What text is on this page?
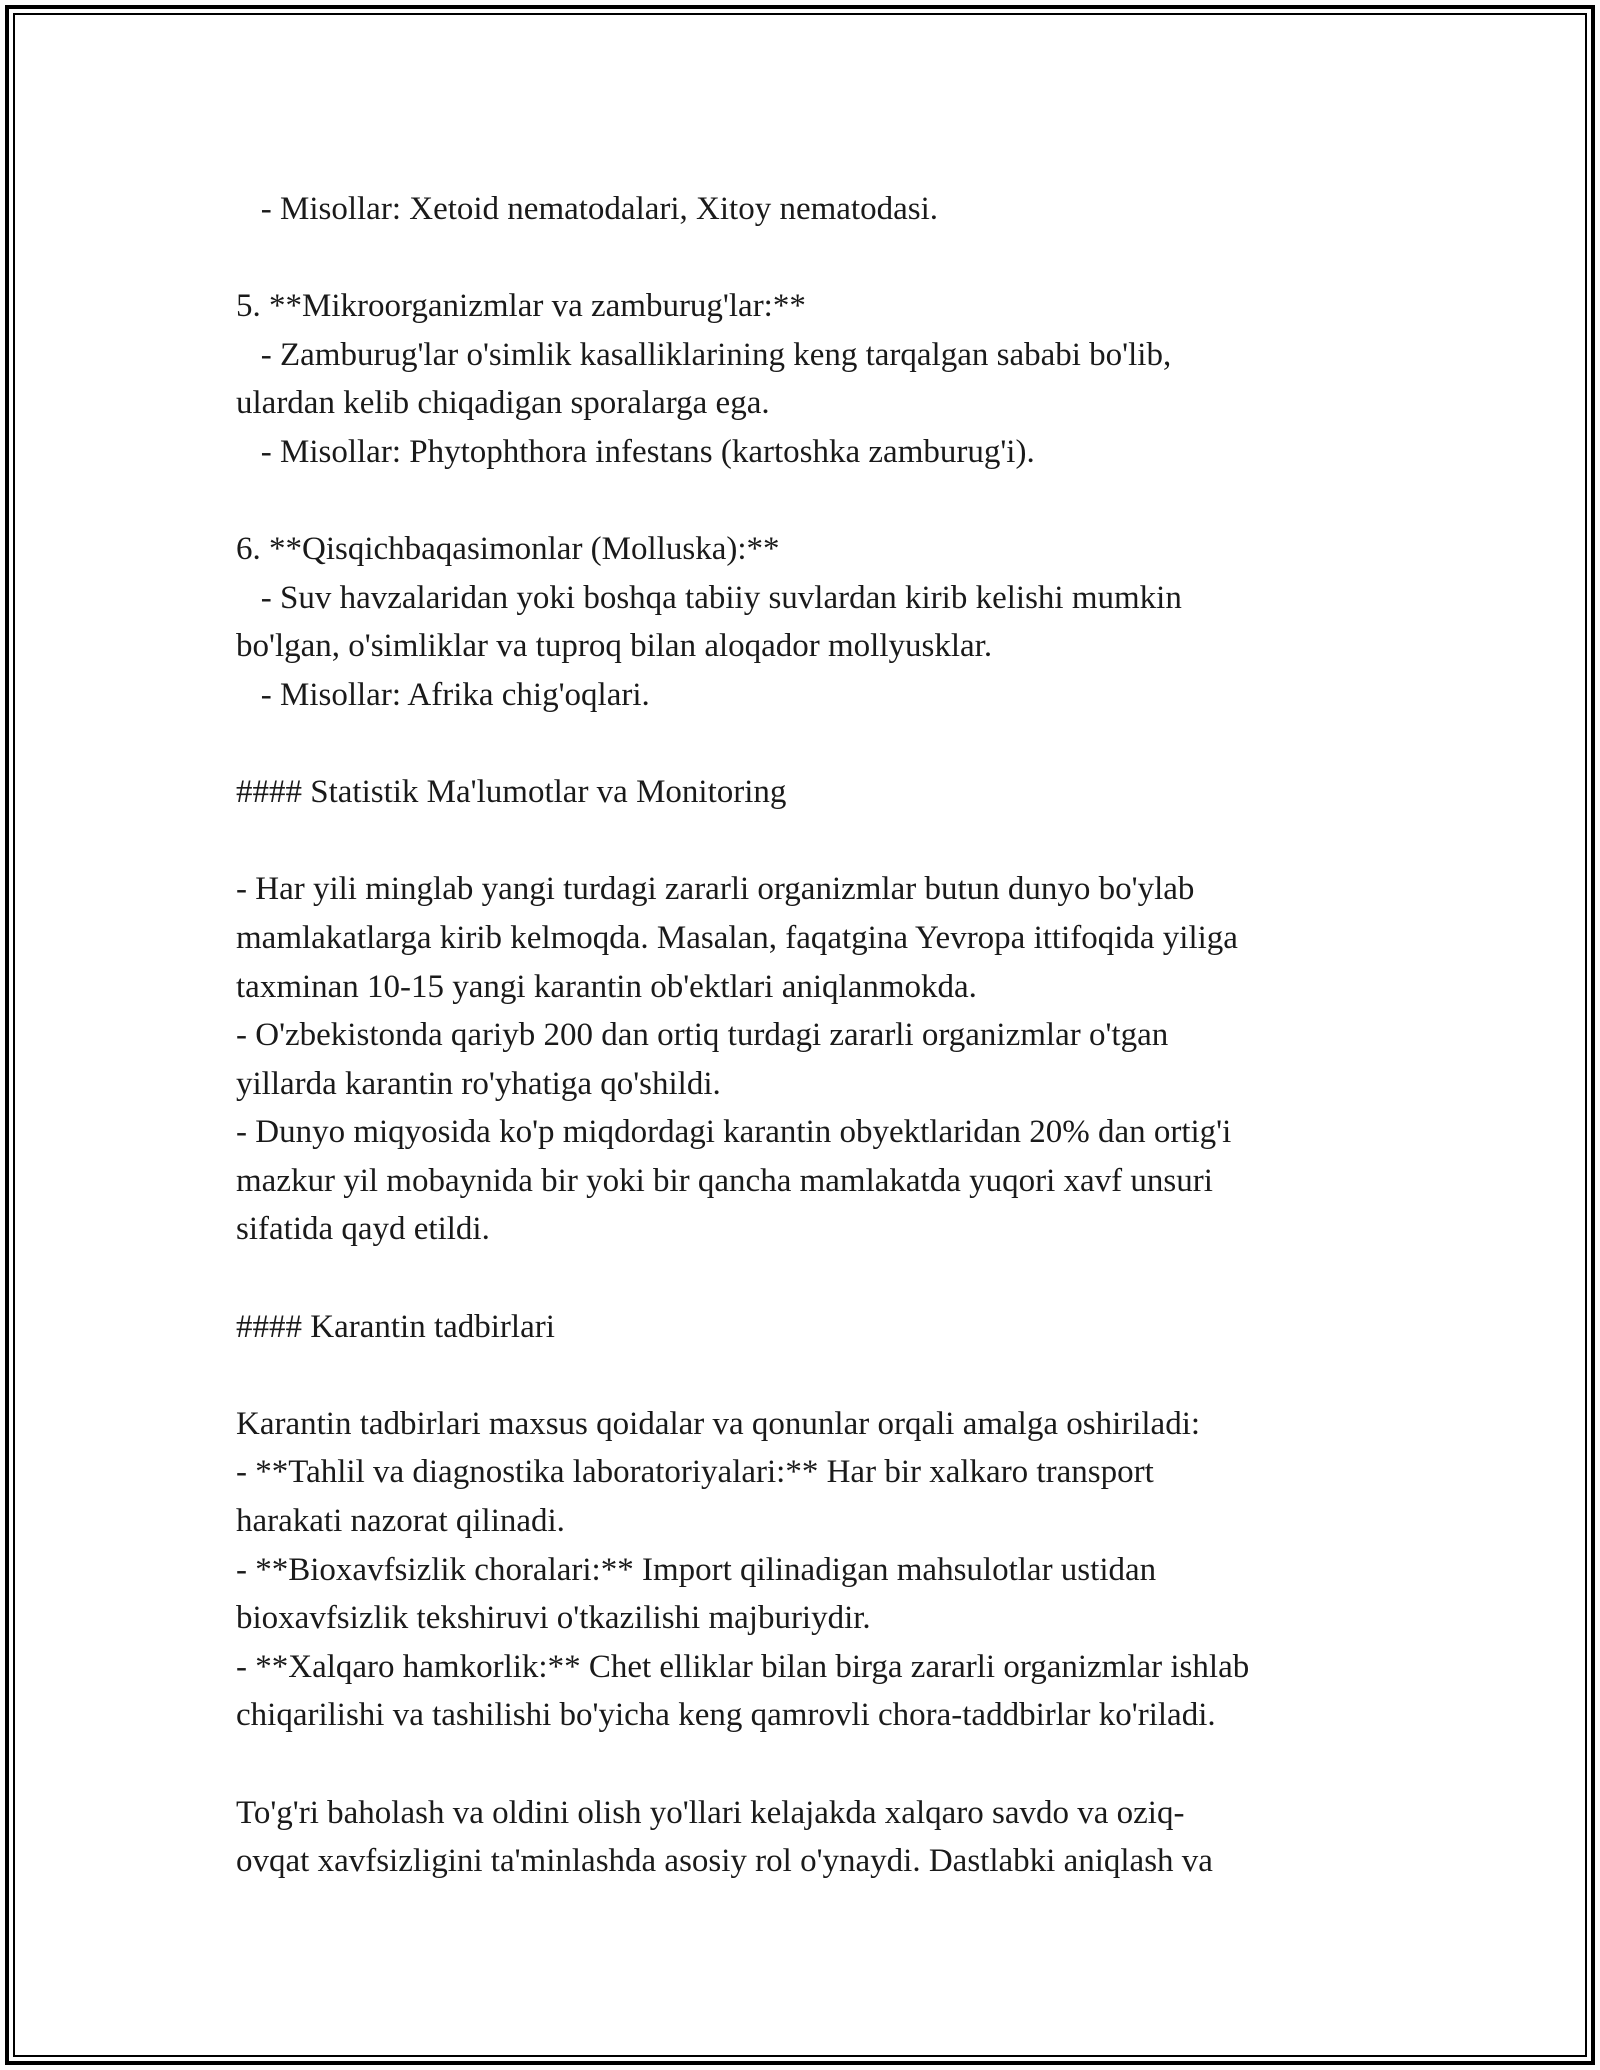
- Misollar: Xetoid nematodalari, Xitoy nematodasi.
5. **Mikroorganizmlar va zamburug'lar:**
- Zamburug'lar o'simlik kasalliklarining keng tarqalgan sababi bo'lib,
ulardan kelib chiqadigan sporalarga ega.
- Misollar: Phytophthora infestans (kartoshka zamburug'i).
6. **Qisqichbaqasimonlar (Molluska):**
- Suv havzalaridan yoki boshqa tabiiy suvlardan kirib kelishi mumkin
bo'lgan, o'simliklar va tuproq bilan aloqador mollyusklar.
- Misollar: Afrika chig'oqlari.
#### Statistik Ma'lumotlar va Monitoring
- Har yili minglab yangi turdagi zararli organizmlar butun dunyo bo'ylab
mamlakatlarga kirib kelmoqda. Masalan, faqatgina Yevropa ittifoqida yiliga
taxminan 10-15 yangi karantin ob'ektlari aniqlanmokda.
- O'zbekistonda qariyb 200 dan ortiq turdagi zararli organizmlar o'tgan
yillarda karantin ro'yhatiga qo'shildi.
- Dunyo miqyosida ko'p miqdordagi karantin obyektlaridan 20% dan ortig'i
mazkur yil mobaynida bir yoki bir qancha mamlakatda yuqori xavf unsuri
sifatida qayd etildi.
#### Karantin tadbirlari
Karantin tadbirlari maxsus qoidalar va qonunlar orqali amalga oshiriladi:
- **Tahlil va diagnostika laboratoriyalari:** Har bir xalkaro transport
harakati nazorat qilinadi.
- **Bioxavfsizlik choralari:** Import qilinadigan mahsulotlar ustidan
bioxavfsizlik tekshiruvi o'tkazilishi majburiydir.
- **Xalqaro hamkorlik:** Chet elliklar bilan birga zararli organizmlar ishlab
chiqarilishi va tashilishi bo'yicha keng qamrovli chora-taddbirlar ko'riladi.
To'g'ri baholash va oldini olish yo'llari kelajakda xalqaro savdo va oziq-
ovqat xavfsizligini ta'minlashda asosiy rol o'ynaydi. Dastlabki aniqlash va
